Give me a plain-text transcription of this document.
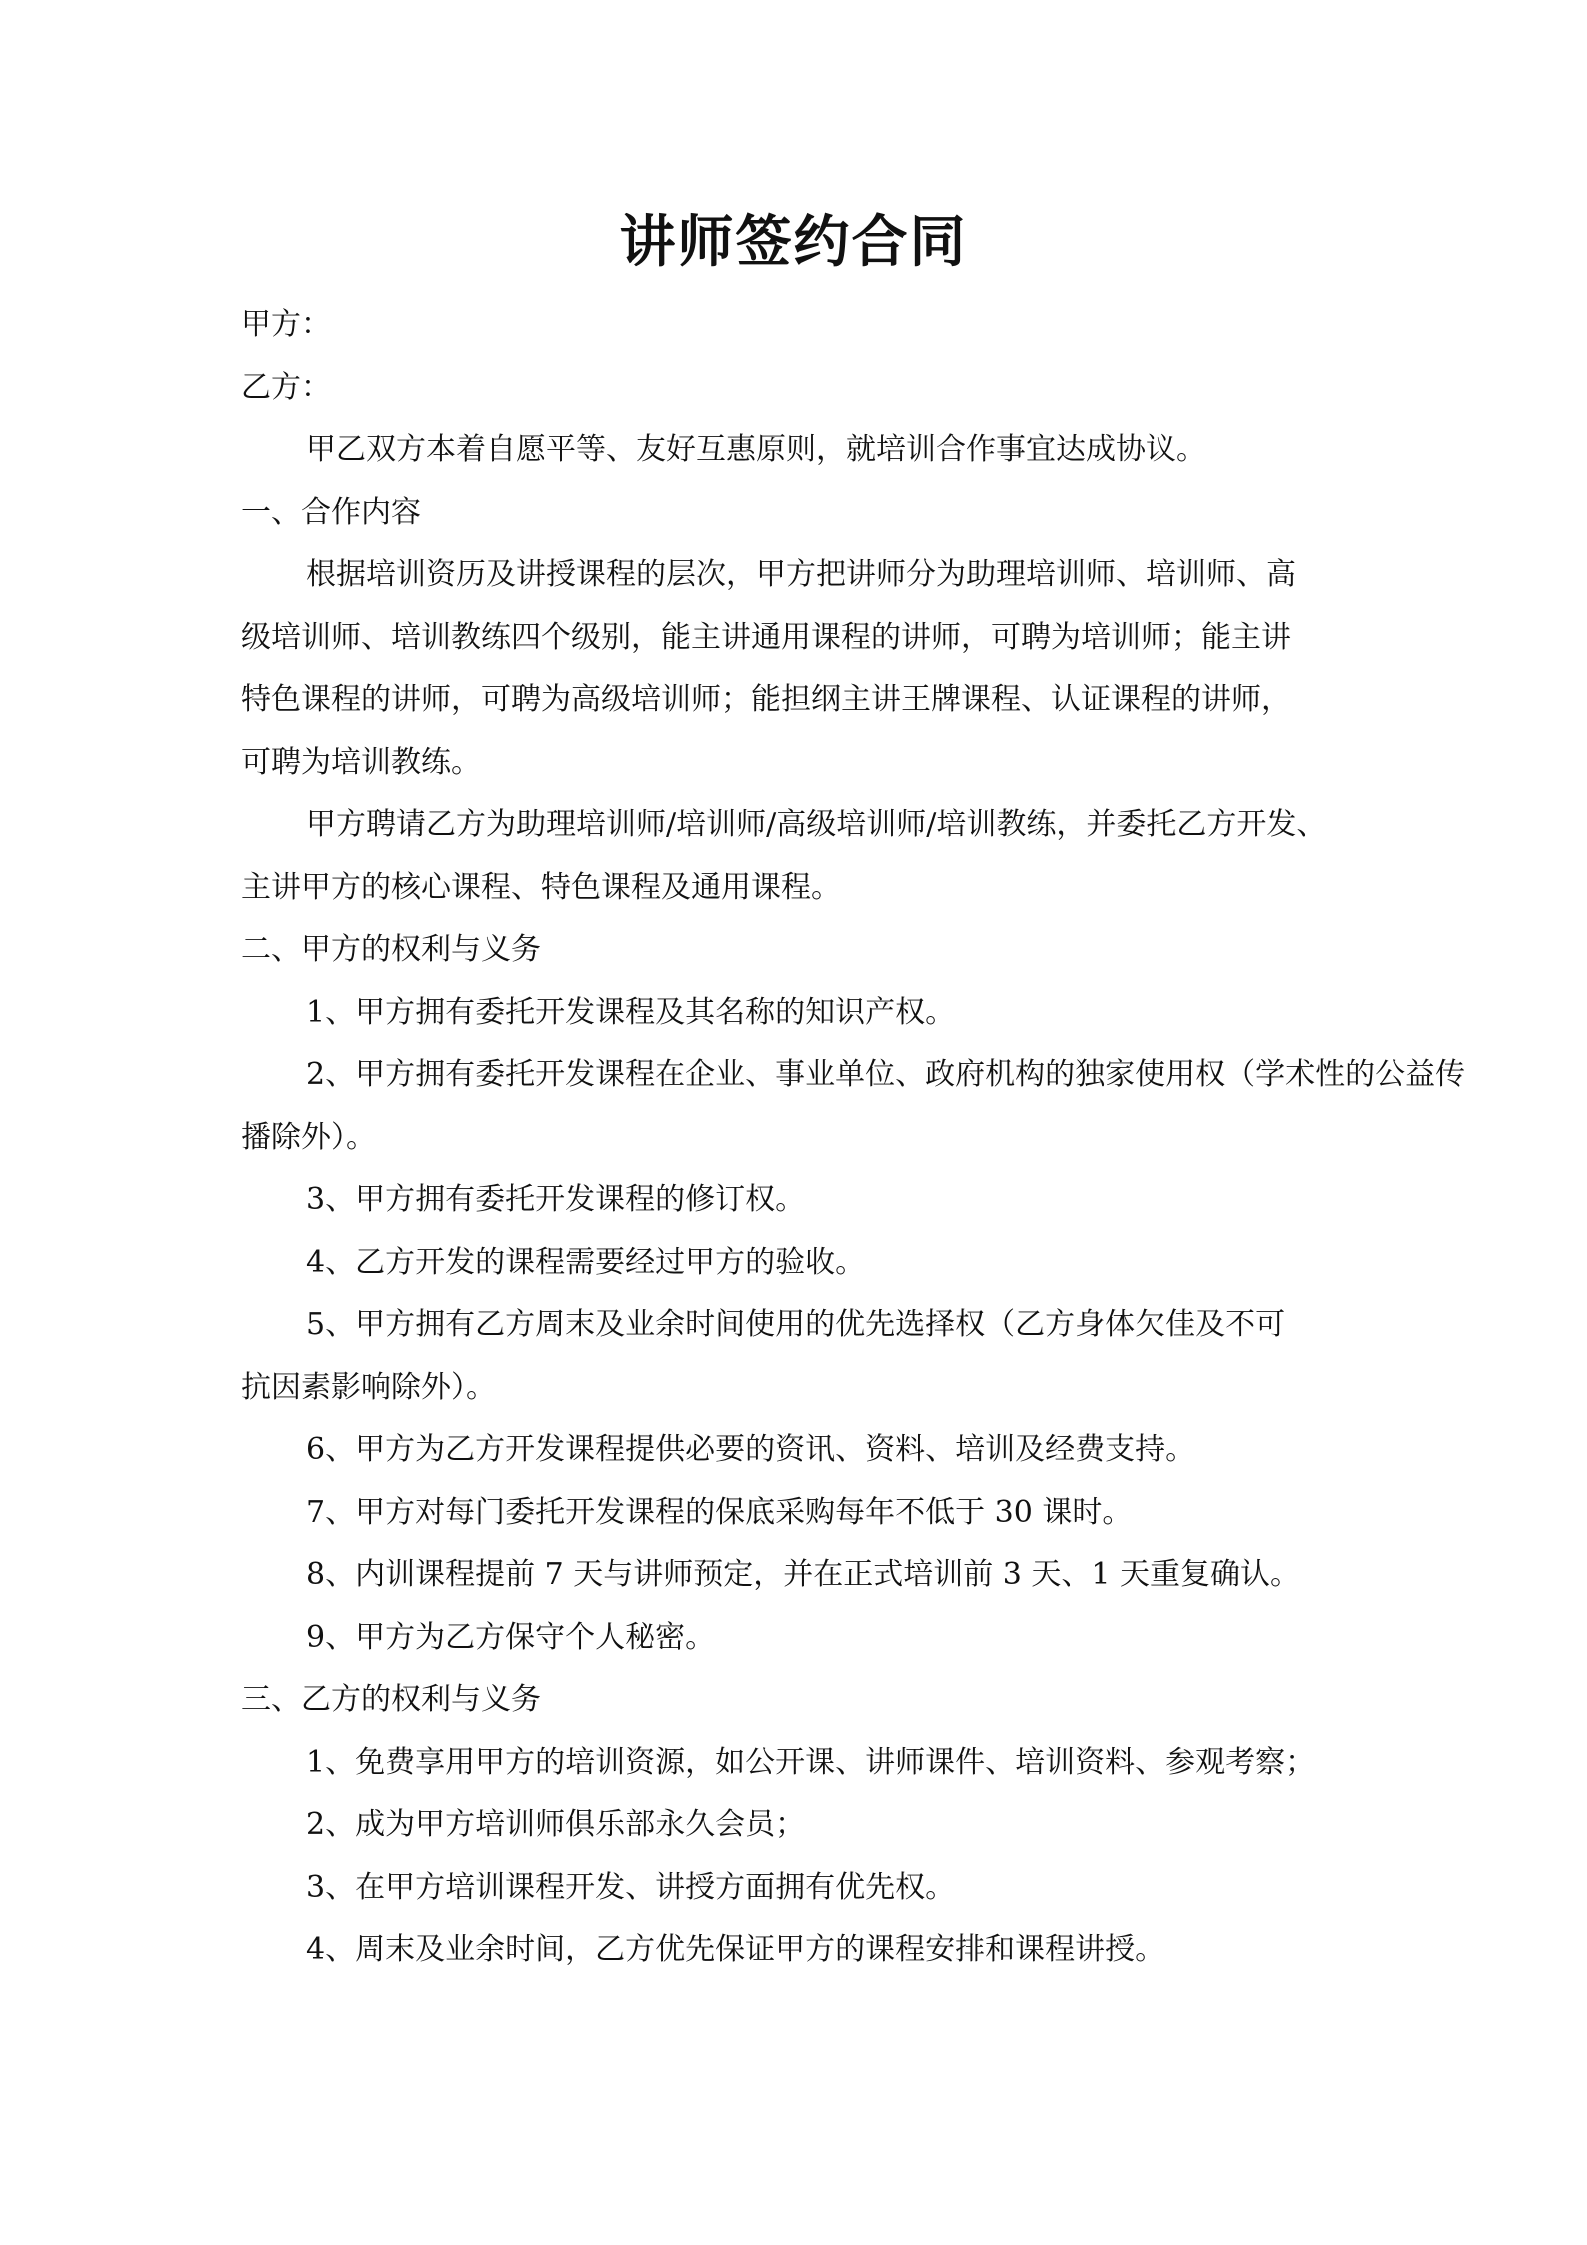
讲师签约合同
甲方：
乙方：
甲乙双方本着自愿平等、友好互惠原则，就培训合作事宜达成协议。
一、合作内容
根据培训资历及讲授课程的层次，甲方把讲师分为助理培训师、培训师、高
级培训师、培训教练四个级别，能主讲通用课程的讲师，可聘为培训师；能主讲
特色课程的讲师，可聘为高级培训师；能担纲主讲王牌课程、认证课程的讲师，
可聘为培训教练。
甲方聘请乙方为助理培训师/培训师/高级培训师/培训教练，并委托乙方开发、
主讲甲方的核心课程、特色课程及通用课程。
二、甲方的权利与义务
1、甲方拥有委托开发课程及其名称的知识产权。
2、甲方拥有委托开发课程在企业、事业单位、政府机构的独家使用权（学术性的公益传
播除外）。
3、甲方拥有委托开发课程的修订权。
4、乙方开发的课程需要经过甲方的验收。
5、甲方拥有乙方周末及业余时间使用的优先选择权（乙方身体欠佳及不可
抗因素影响除外）。
6、甲方为乙方开发课程提供必要的资讯、资料、培训及经费支持。
7、甲方对每门委托开发课程的保底采购每年不低于 30 课时。
8、内训课程提前 7 天与讲师预定，并在正式培训前 3 天、1 天重复确认。
9、甲方为乙方保守个人秘密。
三、乙方的权利与义务
1、免费享用甲方的培训资源，如公开课、讲师课件、培训资料、参观考察；
2、成为甲方培训师俱乐部永久会员；
3、在甲方培训课程开发、讲授方面拥有优先权。
4、周末及业余时间，乙方优先保证甲方的课程安排和课程讲授。
